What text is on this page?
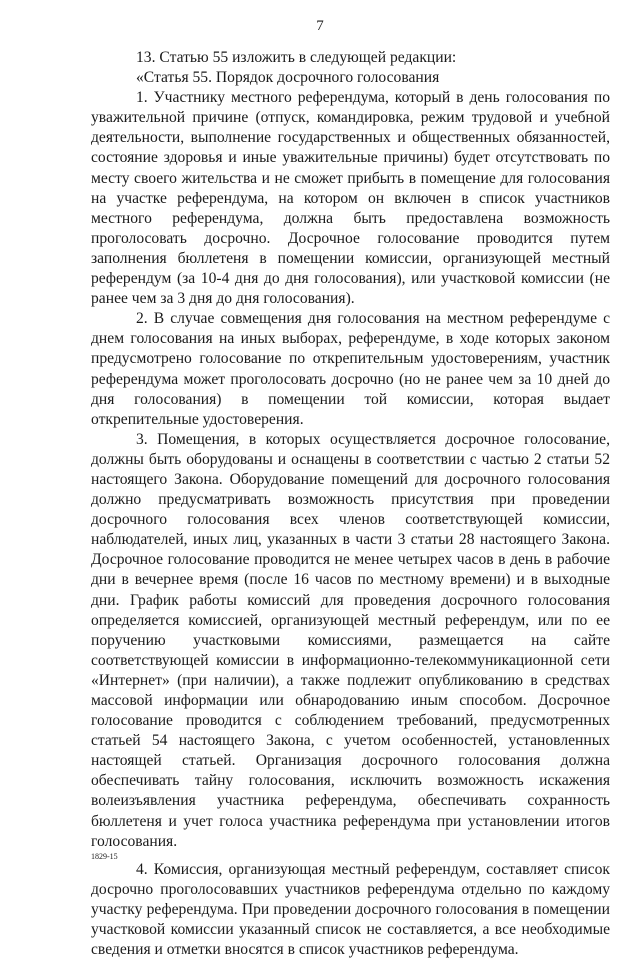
7

13. Статью 55 изложить в следующей редакции:

«Статья 55. Порядок досрочного голосования

1. Участнику местного референдума, который в день голосования по уважительной причине (отпуск, командировка, режим трудовой и учебной деятельности, выполнение государственных и общественных обязанностей, состояние здоровья и иные уважительные причины) будет отсутствовать по месту своего жительства и не сможет прибыть в помещение для голосования на участке референдума, на котором он включен в список участников местного референдума, должна быть предоставлена возможность проголосовать досрочно. Досрочное голосование проводится путем заполнения бюллетеня в помещении комиссии, организующей местный референдум (за 10-4 дня до дня голосования), или участковой комиссии (не ранее чем за 3 дня до дня голосования).

2. В случае совмещения дня голосования на местном референдуме с днем голосования на иных выборах, референдуме, в ходе которых законом предусмотрено голосование по открепительным удостоверениям, участник референдума может проголосовать досрочно (но не ранее чем за 10 дней до дня голосования) в помещении той комиссии, которая выдает открепительные удостоверения.

3. Помещения, в которых осуществляется досрочное голосование, должны быть оборудованы и оснащены в соответствии с частью 2 статьи 52 настоящего Закона. Оборудование помещений для досрочного голосования должно предусматривать возможность присутствия при проведении досрочного голосования всех членов соответствующей комиссии, наблюдателей, иных лиц, указанных в части 3 статьи 28 настоящего Закона. Досрочное голосование проводится не менее четырех часов в день в рабочие дни в вечернее время (после 16 часов по местному времени) и в выходные дни. График работы комиссий для проведения досрочного голосования определяется комиссией, организующей местный референдум, или по ее поручению участковыми комиссиями, размещается на сайте соответствующей комиссии в информационно-телекоммуникационной сети «Интернет» (при наличии), а также подлежит опубликованию в средствах массовой информации или обнародованию иным способом. Досрочное голосование проводится с соблюдением требований, предусмотренных статьей 54 настоящего Закона, с учетом особенностей, установленных настоящей статьей. Организация досрочного голосования должна обеспечивать тайну голосования, исключить возможность искажения волеизъявления участника референдума, обеспечивать сохранность бюллетеня и учет голоса участника референдума при установлении итогов голосования.

4. Комиссия, организующая местный референдум, составляет список досрочно проголосовавших участников референдума отдельно по каждому участку референдума. При проведении досрочного голосования в помещении участковой комиссии указанный список не составляется, а все необходимые сведения и отметки вносятся в список участников референдума.

1829-15
